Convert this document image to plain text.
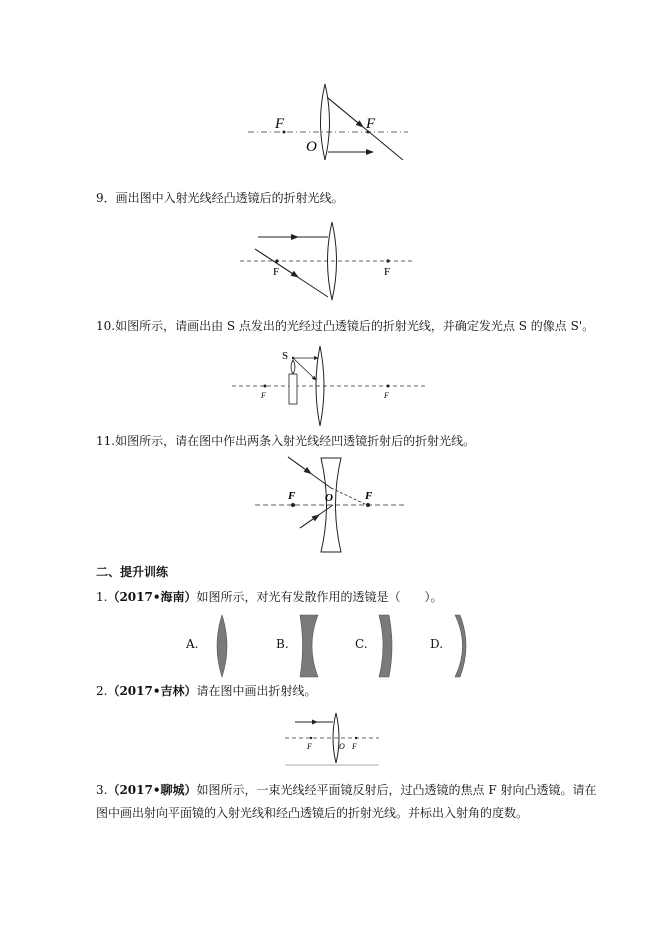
F	F
O
9．画出图中入射光线经凸透镜后的折射光线。
F	F
10.如图所示，请画出由 S 点发出的光经过凸透镜后的折射光线，并确定发光点 S 的像点 S'。
S
F	F
11.如图所示，请在图中作出两条入射光线经凹透镜折射后的折射光线。
F	O	F
二、提升训练
1.（2017•海南）如图所示，对光有发散作用的透镜是（　　）。
A.	B.	C.	D.
2.（2017•吉林）请在图中画出折射线。
F	O F
3.（2017•聊城）如图所示，一束光线经平面镜反射后，过凸透镜的焦点 F 射向凸透镜。请在
图中画出射向平面镜的入射光线和经凸透镜后的折射光线。并标出入射角的度数。
